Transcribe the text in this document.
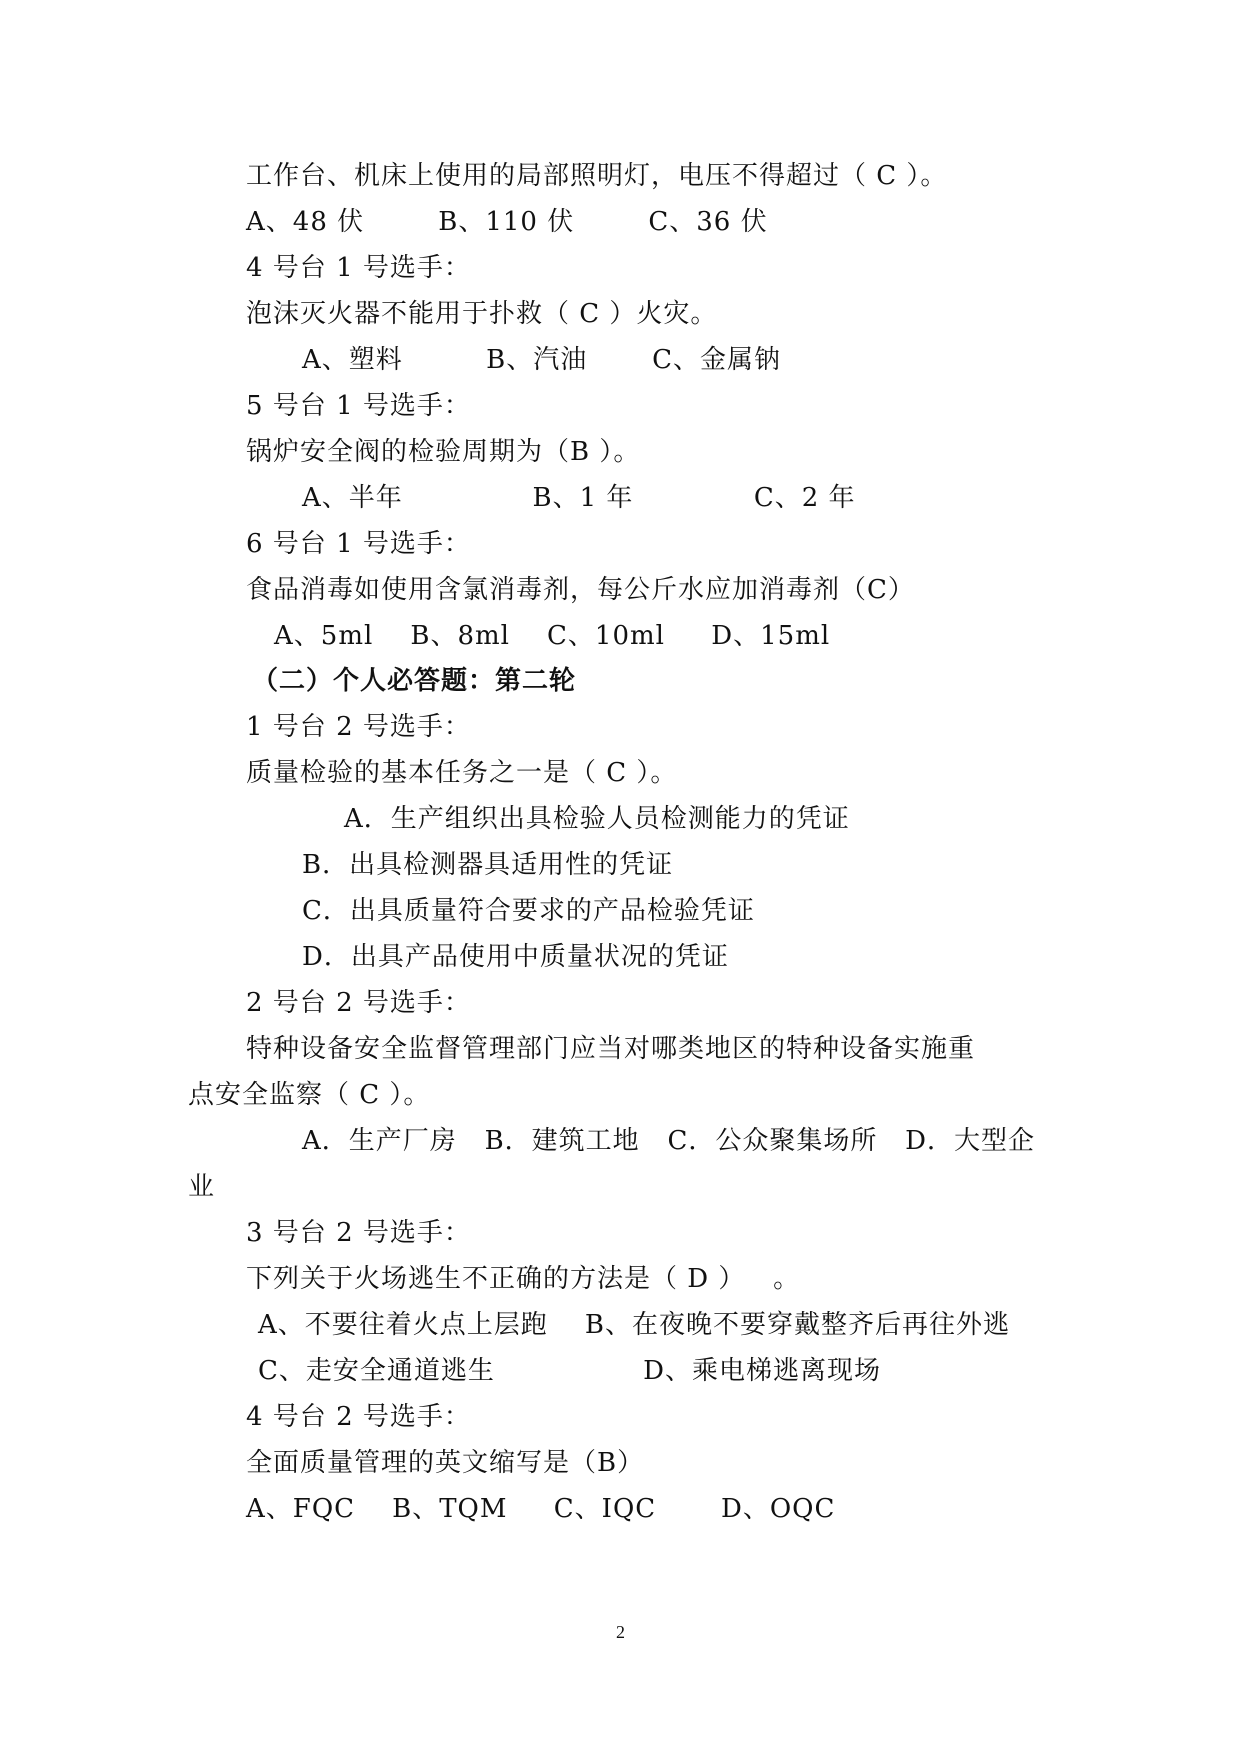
工作台、机床上使用的局部照明灯，电压不得超过（ C ）。
A、48 伏        B、110 伏        C、36 伏
4 号台 1 号选手：
泡沫灭火器不能用于扑救（ C ）火灾。
A、塑料         B、汽油       C、金属钠
5 号台 1 号选手：
锅炉安全阀的检验周期为（B ）。
A、半年              B、1 年             C、2 年
6 号台 1 号选手：
食品消毒如使用含氯消毒剂，每公斤水应加消毒剂（C）
A、5ml    B、8ml    C、10ml     D、15ml
（二）个人必答题：第二轮
1 号台 2 号选手：
质量检验的基本任务之一是（ C ）。
A．生产组织出具检验人员检测能力的凭证
B．出具检测器具适用性的凭证
C．出具质量符合要求的产品检验凭证
D．出具产品使用中质量状况的凭证
2 号台 2 号选手：
特种设备安全监督管理部门应当对哪类地区的特种设备实施重
点安全监察（ C ）。
A．生产厂房   B．建筑工地   C．公众聚集场所   D．大型企
业
3 号台 2 号选手：
下列关于火场逃生不正确的方法是（ D ）   。
A、不要往着火点上层跑    B、在夜晚不要穿戴整齐后再往外逃
C、走安全通道逃生                D、乘电梯逃离现场
4 号台 2 号选手：
全面质量管理的英文缩写是（B）
A、FQC    B、TQM     C、IQC       D、OQC
2
